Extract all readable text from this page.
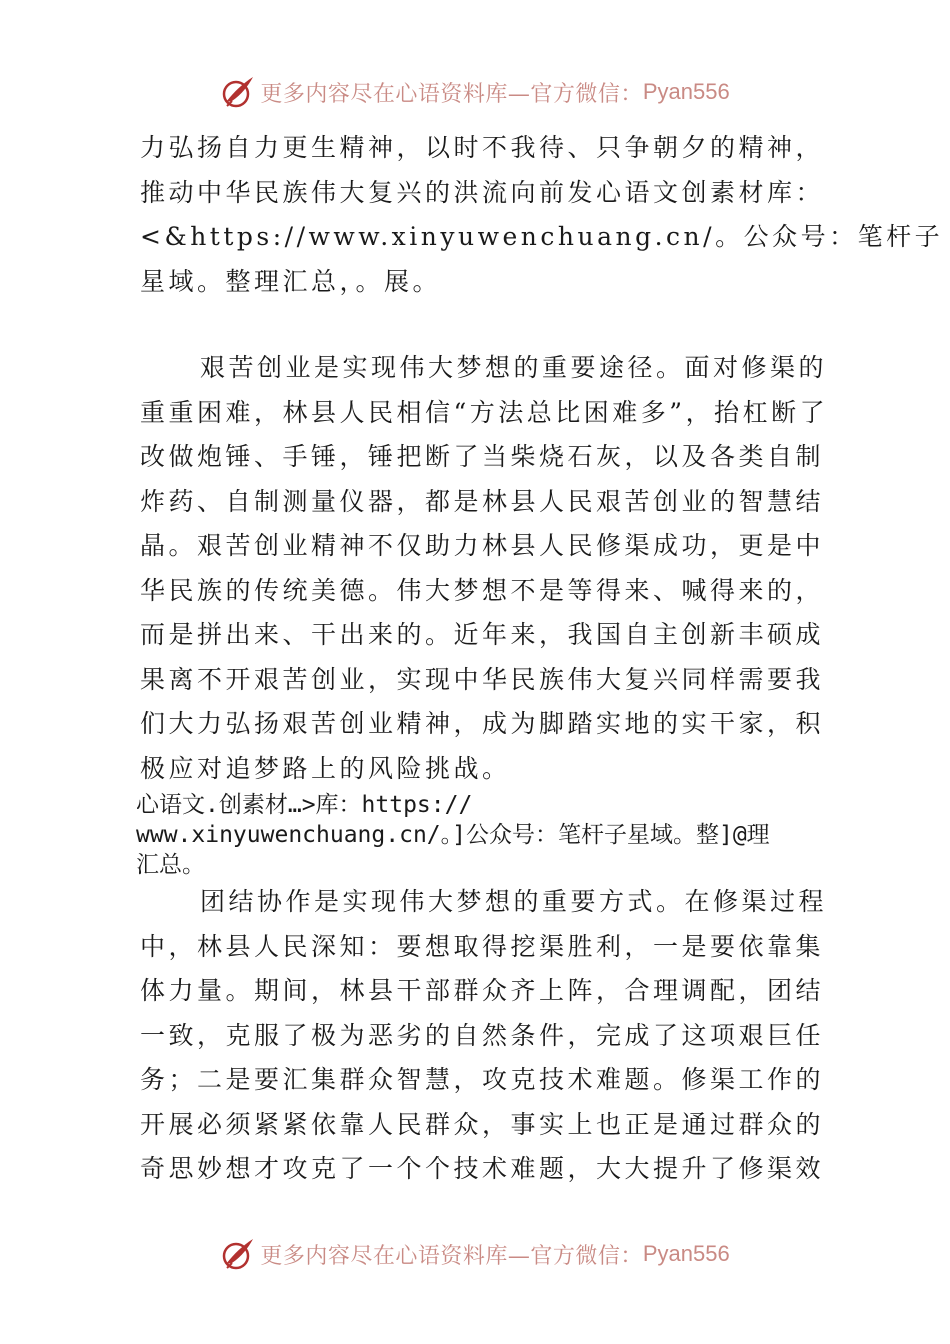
更多内容尽在心语资料库—官方微信： Pyan556
力弘扬自力更生精神，以时不我待、只争朝夕的精神，
推动中华民族伟大复兴的洪流向前发心语文创素材库：
<&https://www.xinyuwenchuang.cn/。公众号：笔杆子
星域。整理汇总，。展。
艰苦创业是实现伟大梦想的重要途径。面对修渠的
重重困难，林县人民相信“方法总比困难多”，抬杠断了
改做炮锤、手锤，锤把断了当柴烧石灰，以及各类自制
炸药、自制测量仪器，都是林县人民艰苦创业的智慧结
晶。艰苦创业精神不仅助力林县人民修渠成功，更是中
华民族的传统美德。伟大梦想不是等得来、喊得来的，
而是拼出来、干出来的。近年来，我国自主创新丰硕成
果离不开艰苦创业，实现中华民族伟大复兴同样需要我
们大力弘扬艰苦创业精神，成为脚踏实地的实干家，积
极应对追梦路上的风险挑战。
心语文.创素材…>库：https://
www.xinyuwenchuang.cn/。]公众号：笔杆子星域。整]@理
汇总。
团结协作是实现伟大梦想的重要方式。在修渠过程
中，林县人民深知：要想取得挖渠胜利，一是要依靠集
体力量。期间，林县干部群众齐上阵，合理调配，团结
一致，克服了极为恶劣的自然条件，完成了这项艰巨任
务；二是要汇集群众智慧，攻克技术难题。修渠工作的
开展必须紧紧依靠人民群众，事实上也正是通过群众的
奇思妙想才攻克了一个个技术难题，大大提升了修渠效
更多内容尽在心语资料库—官方微信： Pyan556
